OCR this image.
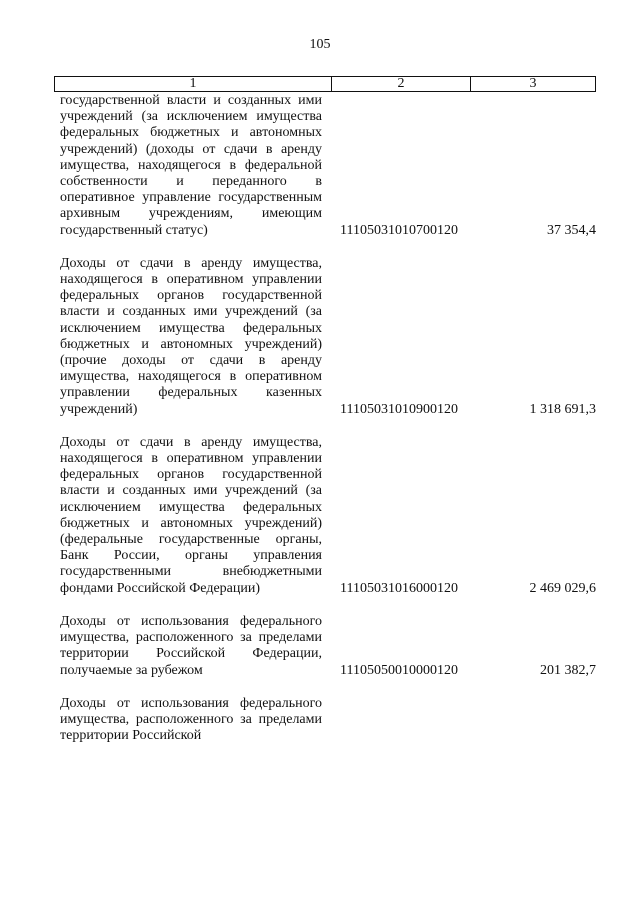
105
1	2	3
государственной власти и созданных ими учреждений (за исключением имущества федеральных бюджетных и автономных учреждений) (доходы от сдачи в аренду имущества, находящегося в федеральной собственности и переданного в оперативное управление государственным архивным учреждениям, имеющим государственный статус)	11105031010700120	37 354,4
Доходы от сдачи в аренду имущества, находящегося в оперативном управлении федеральных органов государственной власти и созданных ими учреждений (за исключением имущества федеральных бюджетных и автономных учреждений) (прочие доходы от сдачи в аренду имущества, находящегося в оперативном управлении федеральных казенных учреждений)	11105031010900120	1 318 691,3
Доходы от сдачи в аренду имущества, находящегося в оперативном управлении федеральных органов государственной власти и созданных ими учреждений (за исключением имущества федеральных бюджетных и автономных учреждений) (федеральные государственные органы, Банк России, органы управления государственными внебюджетными фондами Российской Федерации)	11105031016000120	2 469 029,6
Доходы от использования федерального имущества, расположенного за пределами территории Российской Федерации, получаемые за рубежом	11105050010000120	201 382,7
Доходы от использования федерального имущества, расположенного за пределами территории Российской
